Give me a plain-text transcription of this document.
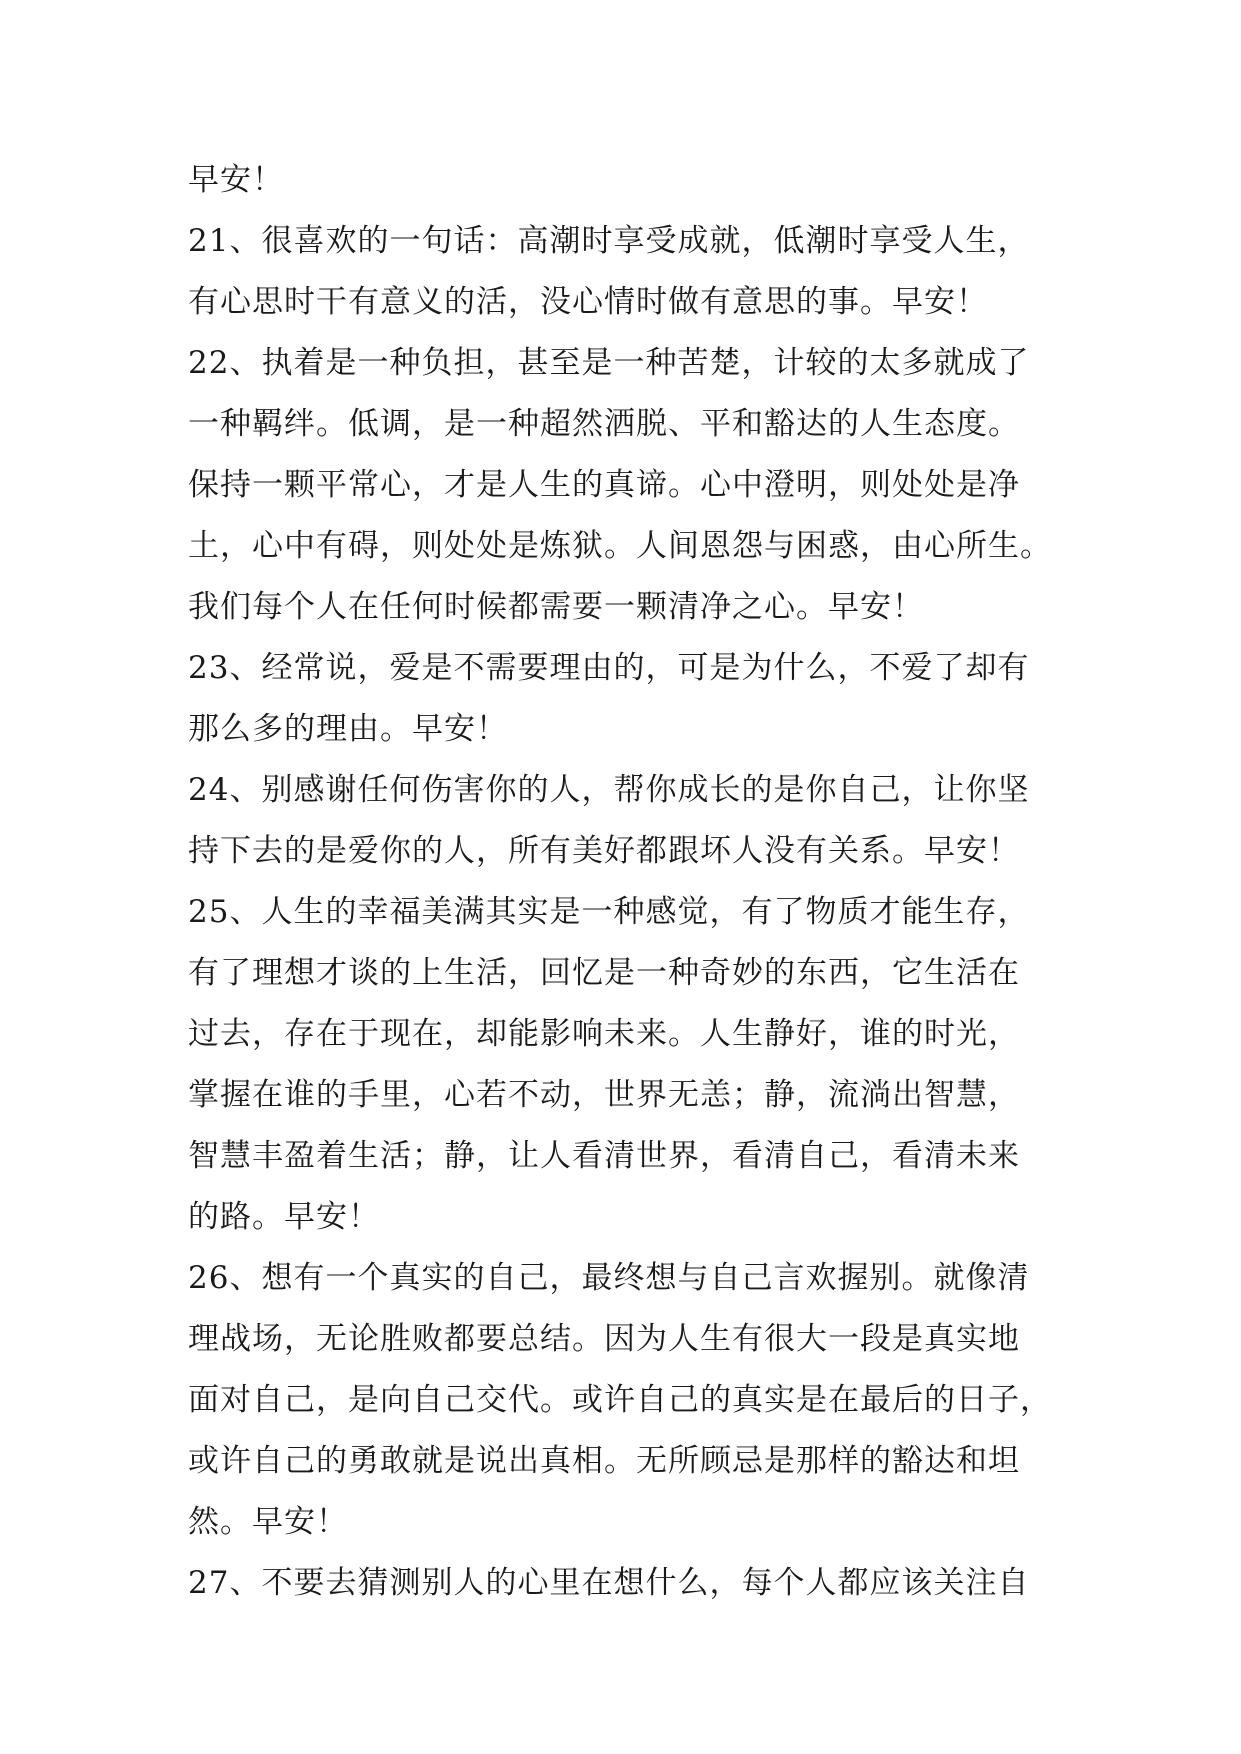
早安！
21、很喜欢的一句话：高潮时享受成就，低潮时享受人生，
有心思时干有意义的活，没心情时做有意思的事。早安！
22、执着是一种负担，甚至是一种苦楚，计较的太多就成了
一种羁绊。低调，是一种超然洒脱、平和豁达的人生态度。
保持一颗平常心，才是人生的真谛。心中澄明，则处处是净
土，心中有碍，则处处是炼狱。人间恩怨与困惑，由心所生。
我们每个人在任何时候都需要一颗清净之心。早安！
23、经常说，爱是不需要理由的，可是为什么，不爱了却有
那么多的理由。早安！
24、别感谢任何伤害你的人，帮你成长的是你自己，让你坚
持下去的是爱你的人，所有美好都跟坏人没有关系。早安！
25、人生的幸福美满其实是一种感觉，有了物质才能生存，
有了理想才谈的上生活，回忆是一种奇妙的东西，它生活在
过去，存在于现在，却能影响未来。人生静好，谁的时光，
掌握在谁的手里，心若不动，世界无恙；静，流淌出智慧，
智慧丰盈着生活；静，让人看清世界，看清自己，看清未来
的路。早安！
26、想有一个真实的自己，最终想与自己言欢握别。就像清
理战场，无论胜败都要总结。因为人生有很大一段是真实地
面对自己，是向自己交代。或许自己的真实是在最后的日子，
或许自己的勇敢就是说出真相。无所顾忌是那样的豁达和坦
然。早安！
27、不要去猜测别人的心里在想什么，每个人都应该关注自
